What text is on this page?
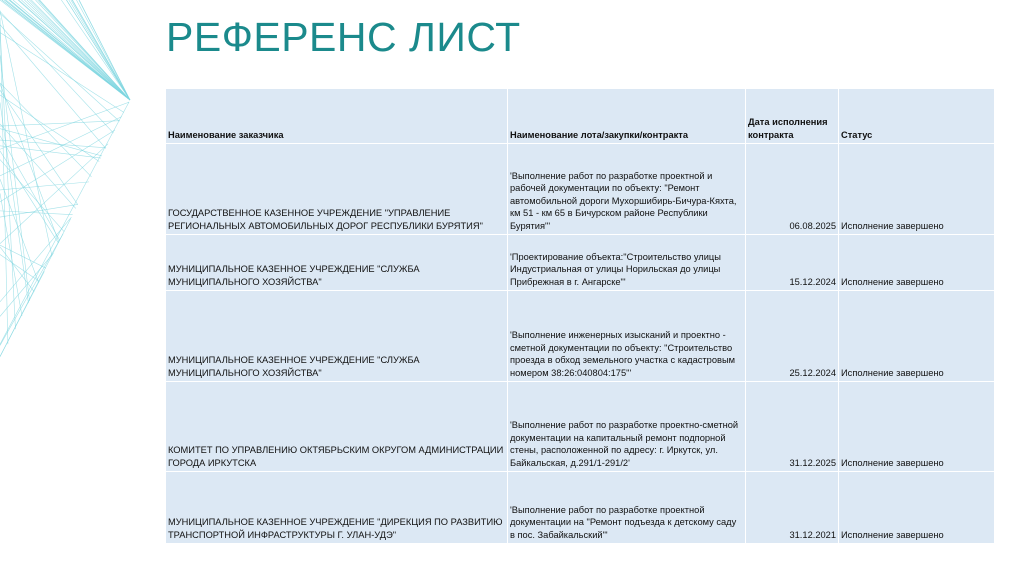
РЕФЕРЕНС ЛИСТ
Наименование заказчика	Наименование лота/закупки/контракта	Дата исполнения контракта	Статус
ГОСУДАРСТВЕННОЕ КАЗЕННОЕ УЧРЕЖДЕНИЕ "УПРАВЛЕНИЕ РЕГИОНАЛЬНЫХ АВТОМОБИЛЬНЫХ ДОРОГ РЕСПУБЛИКИ БУРЯТИЯ"	'Выполнение работ по разработке проектной и рабочей документации по объекту: "Ремонт автомобильной дороги Мухоршибирь-Бичура-Кяхта, км 51 - км 65 в Бичурском районе Республики Бурятия"'	06.08.2025	Исполнение завершено
МУНИЦИПАЛЬНОЕ КАЗЕННОЕ УЧРЕЖДЕНИЕ "СЛУЖБА МУНИЦИПАЛЬНОГО ХОЗЯЙСТВА"	'Проектирование объекта:"Строительство улицы Индустриальная от улицы Норильская до улицы Прибрежная в г. Ангарске"'	15.12.2024	Исполнение завершено
МУНИЦИПАЛЬНОЕ КАЗЕННОЕ УЧРЕЖДЕНИЕ "СЛУЖБА МУНИЦИПАЛЬНОГО ХОЗЯЙСТВА"	'Выполнение инженерных изысканий и проектно - сметной документации по объекту: "Строительство проезда в обход земельного участка с кадастровым номером 38:26:040804:175"'	25.12.2024	Исполнение завершено
КОМИТЕТ ПО УПРАВЛЕНИЮ ОКТЯБРЬСКИМ ОКРУГОМ АДМИНИСТРАЦИИ ГОРОДА ИРКУТСКА	'Выполнение работ по разработке проектно-сметной документации на капитальный ремонт подпорной стены, расположенной по адресу: г. Иркутск, ул. Байкальская, д.291/1-291/2'	31.12.2025	Исполнение завершено
МУНИЦИПАЛЬНОЕ КАЗЕННОЕ УЧРЕЖДЕНИЕ "ДИРЕКЦИЯ ПО РАЗВИТИЮ ТРАНСПОРТНОЙ ИНФРАСТРУКТУРЫ Г. УЛАН-УДЭ"	'Выполнение работ по разработке проектной документации на "Ремонт подъезда к детскому саду в пос. Забайкальский"'	31.12.2021	Исполнение завершено
